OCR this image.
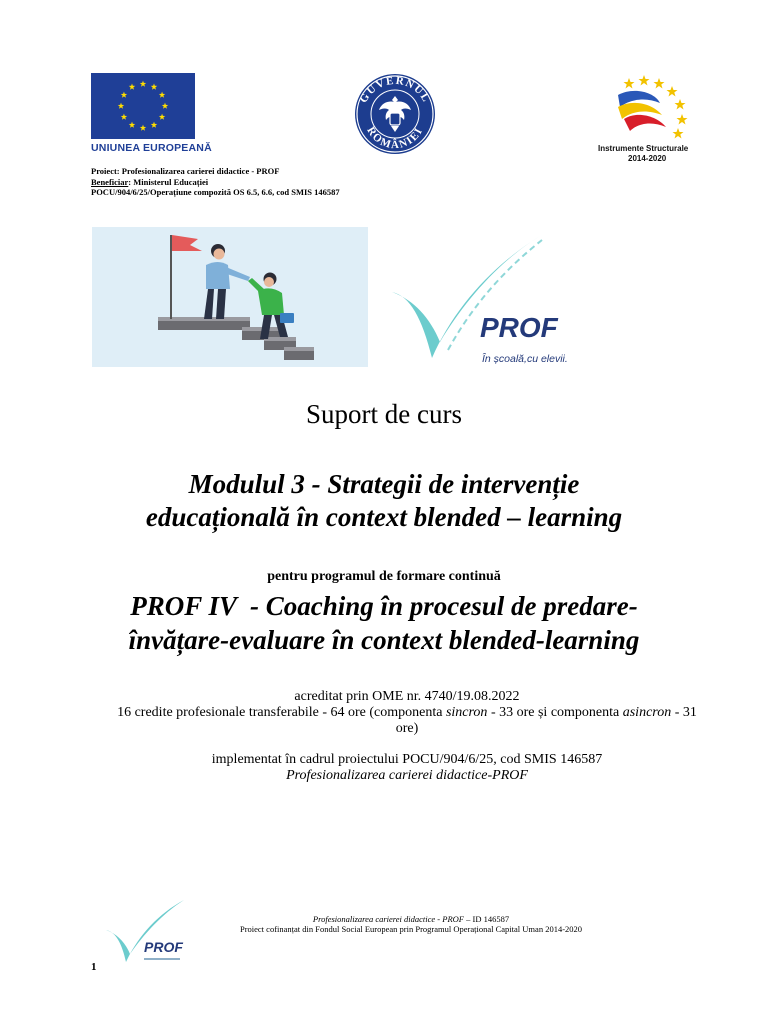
UNIUNEA EUROPEANĂ
GUVERNUL
ROMÂNIEI
Instrumente Structurale
2014-2020
Proiect: Profesionalizarea carierei didactice - PROF
Beneficiar: Ministerul Educației
POCU/904/6/25/Operațiune compozită OS 6.5, 6.6, cod SMIS 146587
PROF
În școală,cu elevii.
Suport de curs
Modulul 3 - Strategii de intervenție
educațională în context blended – learning
pentru programul de formare continuă
PROF IV  - Coaching în procesul de predare-
învățare-evaluare în context blended-learning
acreditat prin OME nr. 4740/19.08.2022
16 credite profesionale transferabile - 64 ore (componenta sincron - 33 ore și componenta asincron - 31
ore)
implementat în cadrul proiectului POCU/904/6/25, cod SMIS 146587
Profesionalizarea carierei didactice-PROF
PROF
Profesionalizarea carierei didactice - PROF – ID 146587
Proiect cofinanțat din Fondul Social European prin Programul Operațional Capital Uman 2014-2020
1
